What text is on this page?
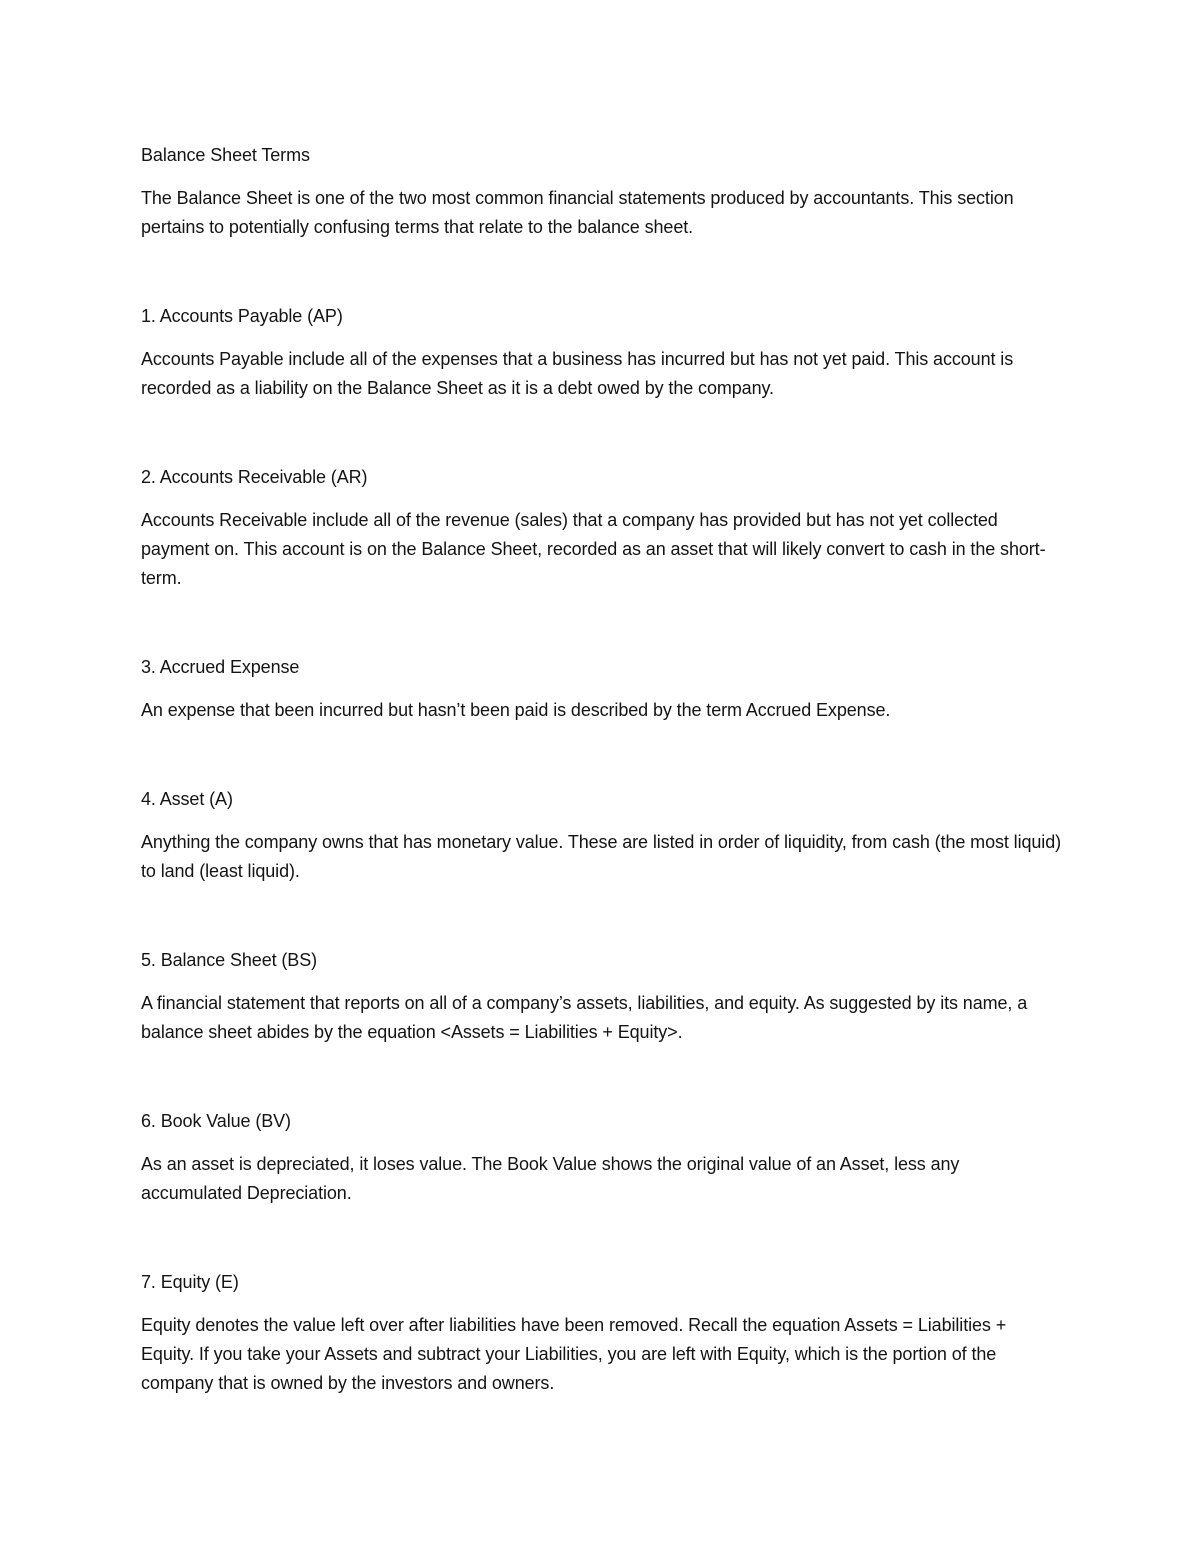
Balance Sheet Terms

The Balance Sheet is one of the two most common financial statements produced by accountants. This section pertains to potentially confusing terms that relate to the balance sheet.

1. Accounts Payable (AP)

Accounts Payable include all of the expenses that a business has incurred but has not yet paid. This account is recorded as a liability on the Balance Sheet as it is a debt owed by the company.

2. Accounts Receivable (AR)

Accounts Receivable include all of the revenue (sales) that a company has provided but has not yet collected payment on. This account is on the Balance Sheet, recorded as an asset that will likely convert to cash in the short-term.

3. Accrued Expense

An expense that been incurred but hasn’t been paid is described by the term Accrued Expense.

4. Asset (A)

Anything the company owns that has monetary value. These are listed in order of liquidity, from cash (the most liquid) to land (least liquid).

5. Balance Sheet (BS)

A financial statement that reports on all of a company’s assets, liabilities, and equity. As suggested by its name, a balance sheet abides by the equation <Assets = Liabilities + Equity>.

6. Book Value (BV)

As an asset is depreciated, it loses value. The Book Value shows the original value of an Asset, less any accumulated Depreciation.

7. Equity (E)

Equity denotes the value left over after liabilities have been removed. Recall the equation Assets = Liabilities + Equity. If you take your Assets and subtract your Liabilities, you are left with Equity, which is the portion of the company that is owned by the investors and owners.
